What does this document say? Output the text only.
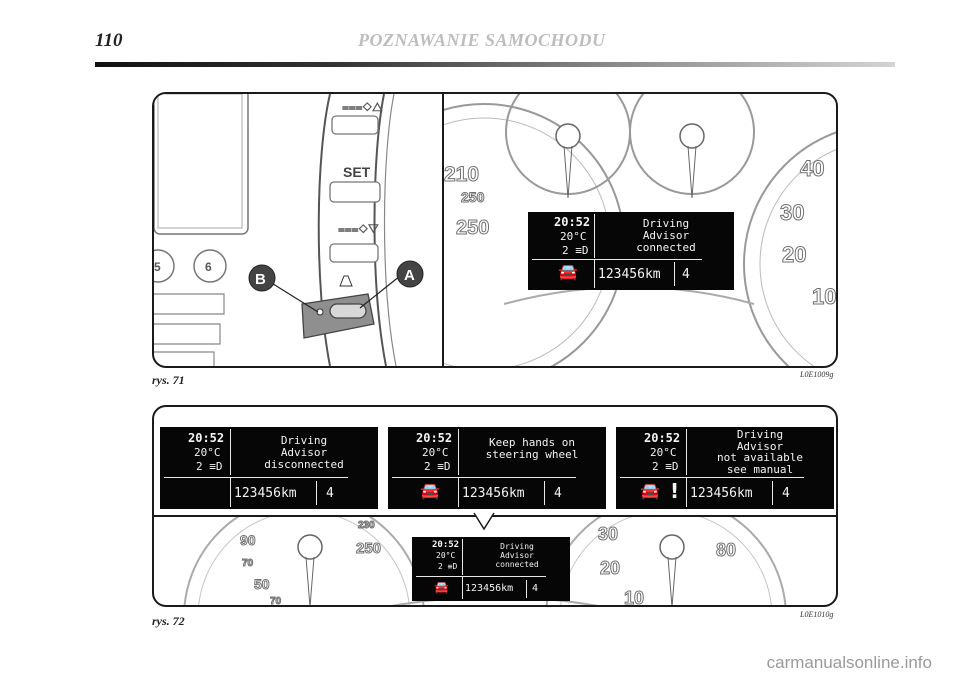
110	POZNAWANIE SAMOCHODU
SET
⩶◇△
⩶◇▽
5	6
B	A
210
250
250
40
30
20
10
20:52
20°C
2 ≡D
Driving
Advisor
connected
🚘 123456km 4
rys. 71	L0E1009g
90
70
50
70
230
250
30
20
10
80
20:52
20°C
2 ≡D
Driving
Advisor
disconnected
123456km 4
20:52
20°C
2 ≡D
Keep hands on
steering wheel
🚘 123456km 4
20:52
20°C
2 ≡D
Driving
Advisor
not available
see manual
🚘 ! 123456km 4
20:52
20°C
2 ≡D
Driving
Advisor
connected
🚘 123456km 4
rys. 72	L0E1010g
carmanualsonline.info
